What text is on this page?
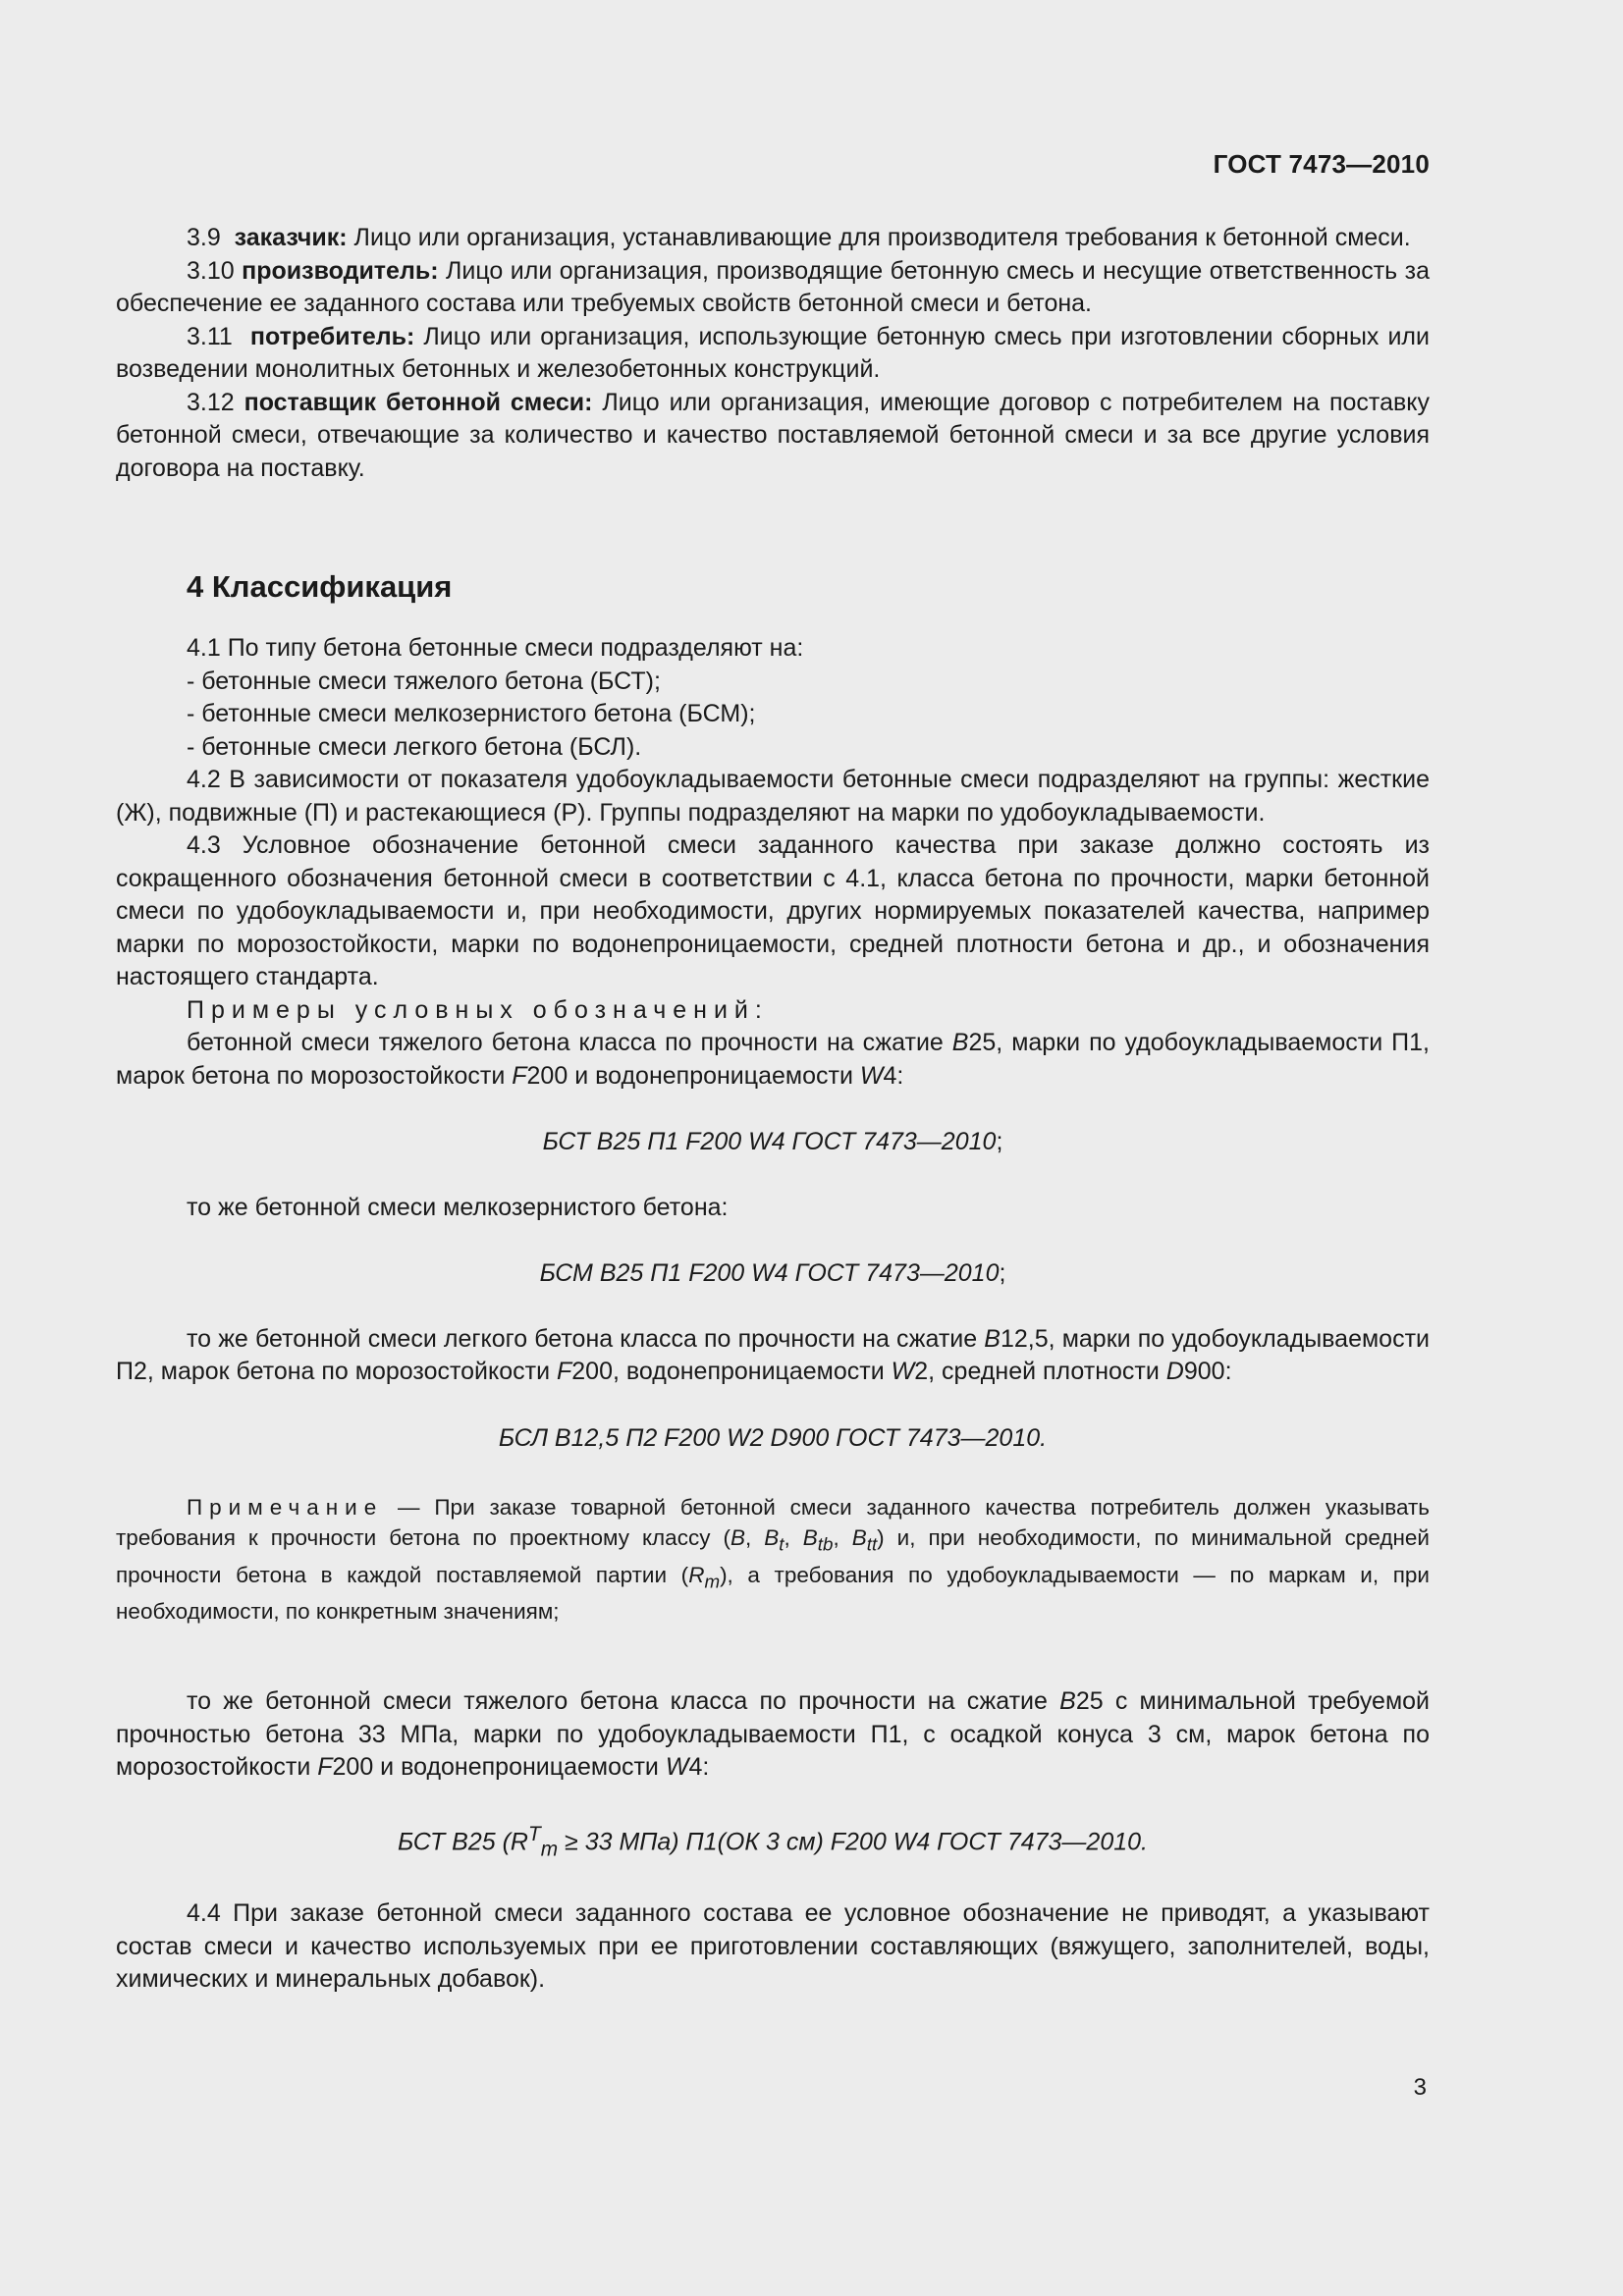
ГОСТ 7473—2010

3.9 заказчик: Лицо или организация, устанавливающие для производителя требования к бетонной смеси.

3.10 производитель: Лицо или организация, производящие бетонную смесь и несущие ответственность за обеспечение ее заданного состава или требуемых свойств бетонной смеси и бетона.

3.11 потребитель: Лицо или организация, использующие бетонную смесь при изготовлении сборных или возведении монолитных бетонных и железобетонных конструкций.

3.12 поставщик бетонной смеси: Лицо или организация, имеющие договор с потребителем на поставку бетонной смеси, отвечающие за количество и качество поставляемой бетонной смеси и за все другие условия договора на поставку.

4 Классификация

4.1 По типу бетона бетонные смеси подразделяют на:

- бетонные смеси тяжелого бетона (БСТ);

- бетонные смеси мелкозернистого бетона (БСМ);

- бетонные смеси легкого бетона (БСЛ).

4.2 В зависимости от показателя удобоукладываемости бетонные смеси подразделяют на группы: жесткие (Ж), подвижные (П) и растекающиеся (Р). Группы подразделяют на марки по удобоукладываемости.

4.3 Условное обозначение бетонной смеси заданного качества при заказе должно состоять из сокращенного обозначения бетонной смеси в соответствии с 4.1, класса бетона по прочности, марки бетонной смеси по удобоукладываемости и, при необходимости, других нормируемых показателей качества, например марки по морозостойкости, марки по водонепроницаемости, средней плотности бетона и др., и обозначения настоящего стандарта.

Примеры условных обозначений:

бетонной смеси тяжелого бетона класса по прочности на сжатие B25, марки по удобоукладываемости П1, марок бетона по морозостойкости F200 и водонепроницаемости W4:

БСТ B25 П1 F200 W4 ГОСТ 7473—2010;

то же бетонной смеси мелкозернистого бетона:

БСМ B25 П1 F200 W4 ГОСТ 7473—2010;

то же бетонной смеси легкого бетона класса по прочности на сжатие B12,5, марки по удобоукладываемости П2, марок бетона по морозостойкости F200, водонепроницаемости W2, средней плотности D900:

БСЛ B12,5 П2 F200 W2 D900 ГОСТ 7473—2010.

Примечание — При заказе товарной бетонной смеси заданного качества потребитель должен указывать требования к прочности бетона по проектному классу (B, $B_t$, $B_{tb}$, $B_{tt}$) и, при необходимости, по минимальной средней прочности бетона в каждой поставляемой партии $(R_m)$, а требования по удобоукладываемости — по маркам и, при необходимости, по конкретным значениям;

то же бетонной смеси тяжелого бетона класса по прочности на сжатие B25 с минимальной требуемой прочностью бетона 33 МПа, марки по удобоукладываемости П1, с осадкой конуса 3 см, марок бетона по морозостойкости F200 и водонепроницаемости W4:

БСТ B25 ($R^T_m \ge 33$ МПа) П1(ОК 3 см) F200 W4 ГОСТ 7473—2010.

4.4 При заказе бетонной смеси заданного состава ее условное обозначение не приводят, а указывают состав смеси и качество используемых при ее приготовлении составляющих (вяжущего, заполнителей, воды, химических и минеральных добавок).

3
